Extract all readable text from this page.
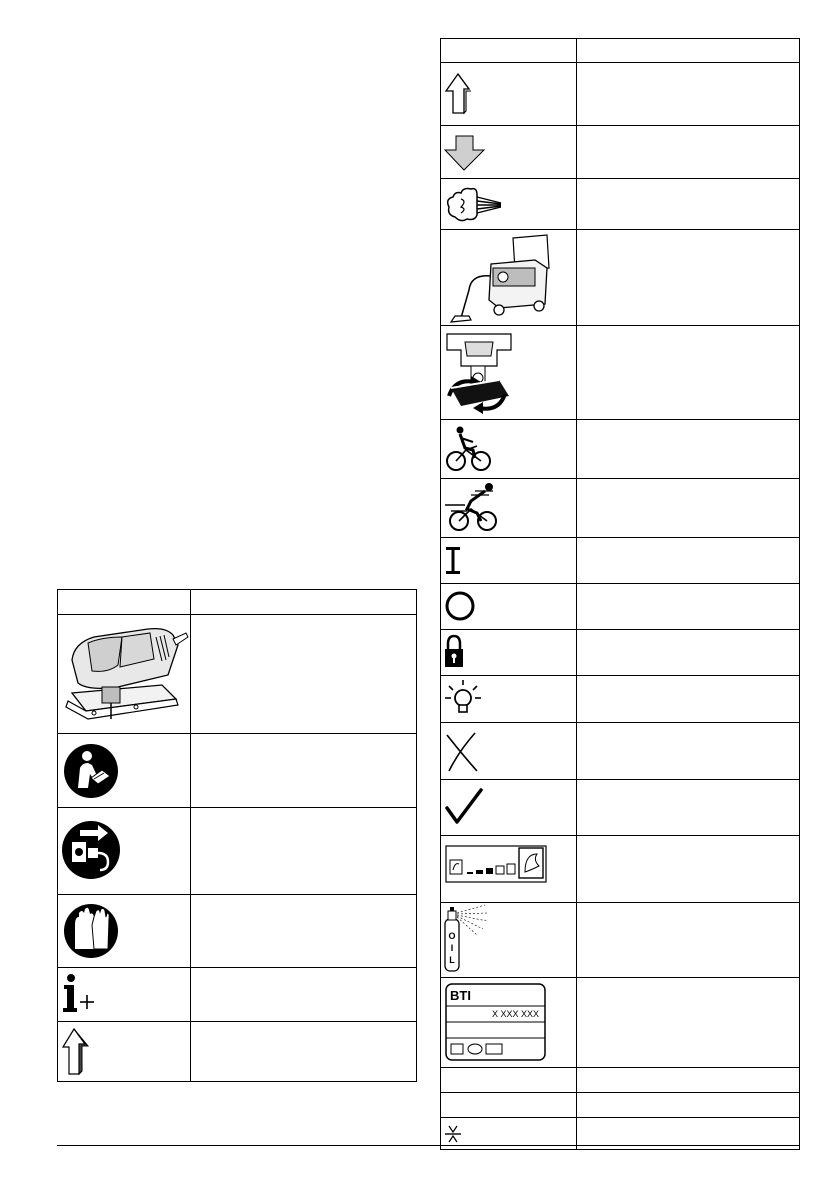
O
I
L	

BTI
X XXX XXX	
